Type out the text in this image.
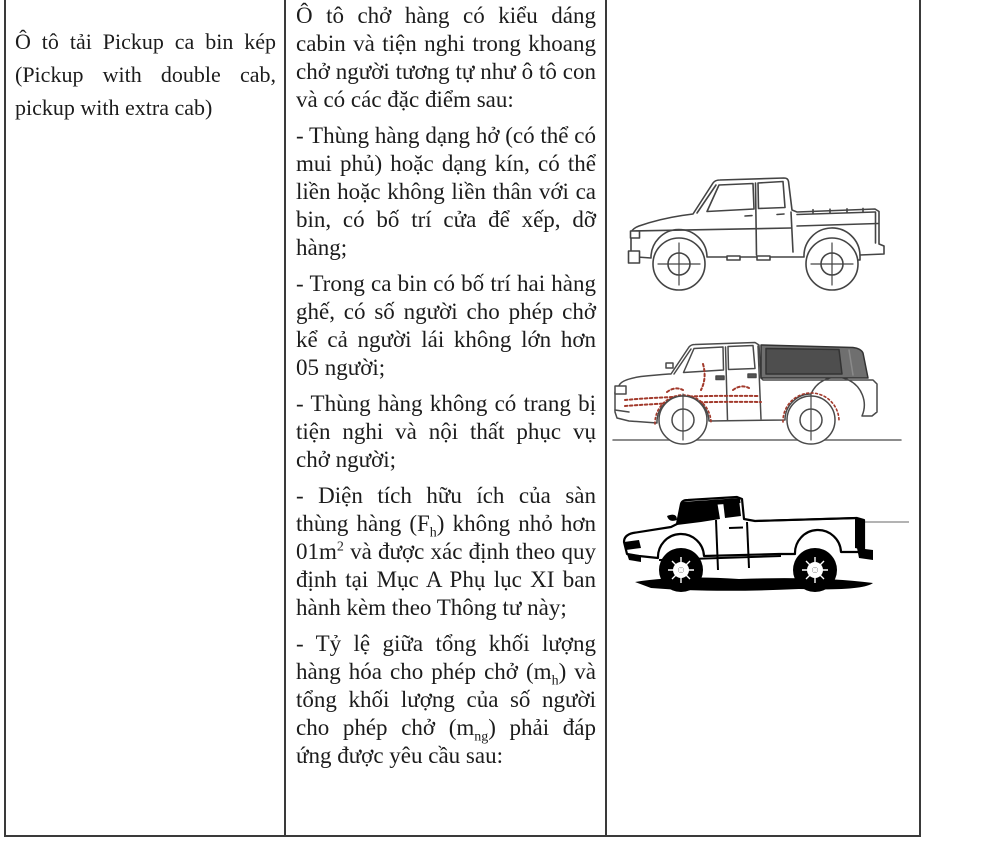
Ô tô tải Pickup ca bin kép (Pickup with double cab, pickup with extra cab)

Ô tô chở hàng có kiểu dáng cabin và tiện nghi trong khoang chở người tương tự như ô tô con và có các đặc điểm sau:

- Thùng hàng dạng hở (có thể có mui phủ) hoặc dạng kín, có thể liền hoặc không liền thân với ca bin, có bố trí cửa để xếp, dỡ hàng;

- Trong ca bin có bố trí hai hàng ghế, có số người cho phép chở kể cả người lái không lớn hơn 05 người;

- Thùng hàng không có trang bị tiện nghi và nội thất phục vụ chở người;

- Diện tích hữu ích của sàn thùng hàng $(F_h)$ không nhỏ hơn $01m^2$ và được xác định theo quy định tại Mục A Phụ lục XI ban hành kèm theo Thông tư này;

- Tỷ lệ giữa tổng khối lượng hàng hóa cho phép chở $(m_h)$ và tổng khối lượng của số người cho phép chở $(m_{ng})$ phải đáp ứng được yêu cầu sau:
